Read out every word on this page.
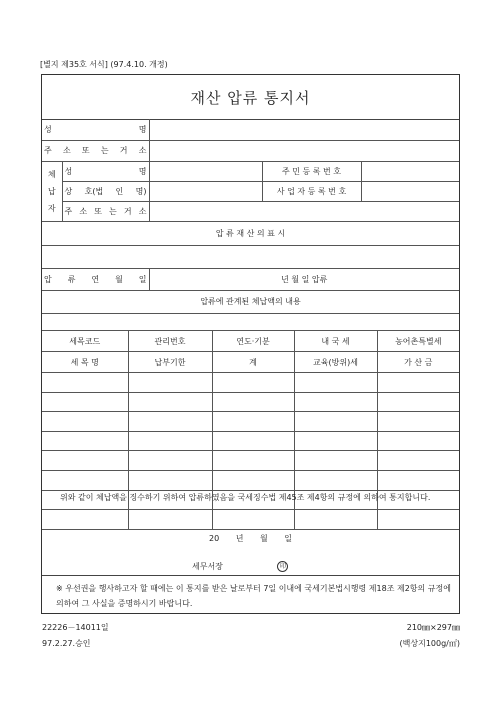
[별지 제35호 서식] (97.4.10. 개정)
재산 압류 통지서
성 명				
주 소 또 는 거 소				

체
납
자	성 명		주 민 등 록 번 호	
	상 호(법 인 명)		사 업 자 등 록 번 호	
	주 소 또 는 거 소			
압 류 재 산 의 표 시				

압 류 연 월 일		년 월 일 압류		
압류에 관계된 체납액의 내용				
세목코드	관리번호	연도·기분	내 국 세	농어촌특별세
세 목 명	납부기한	계	교육(방위)세	가 산 금

위와 같이 체납액을 징수하기 위하여 압류하였음을 국세징수법 제45조 제4항의 규정에 의하여 통지합니다.
20 년 월 일
세무서장	印
※ 우선권을 행사하고자 할 때에는 이 통지를 받은 날로부터 7일 이내에 국세기본법시행령 제18조 제2항의 규정에 의하여 그 사실을 증명하시기 바랍니다.
22226－14011일
97.2.27.승인
210㎜×297㎜
(백상지100g/㎡)
